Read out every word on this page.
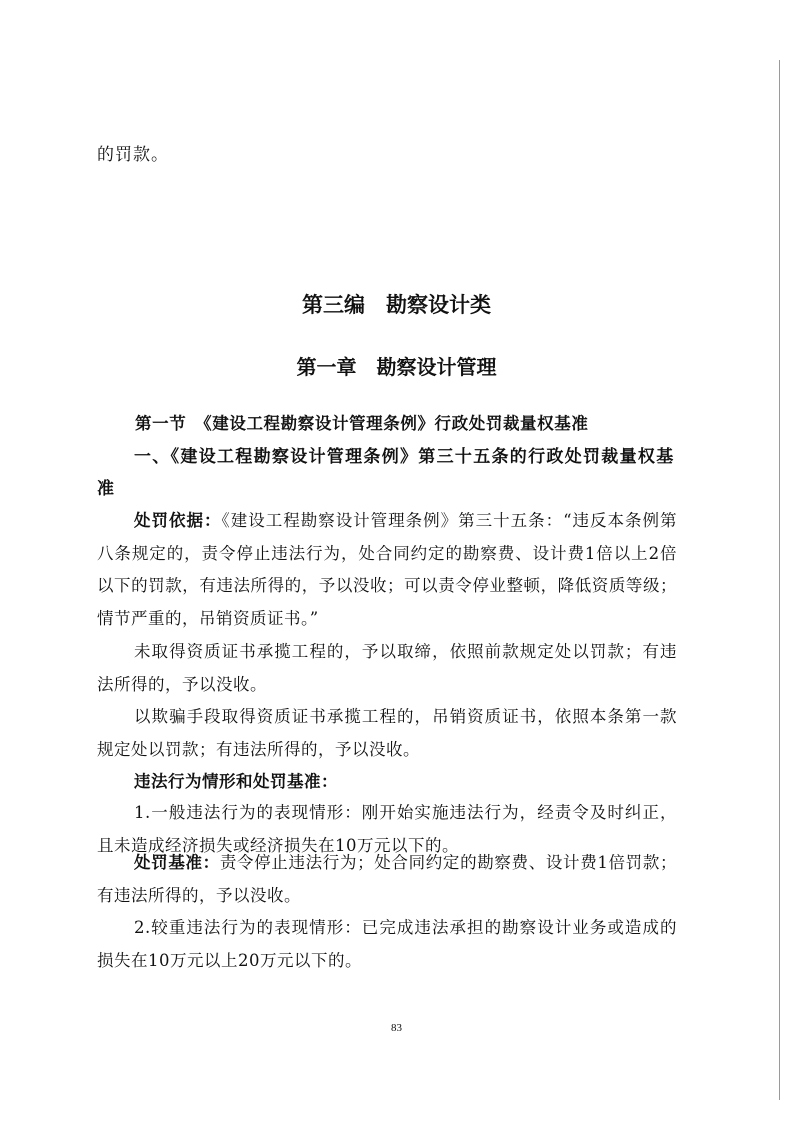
的罚款。
第三编　勘察设计类
第一章　勘察设计管理
第一节　《建设工程勘察设计管理条例》行政处罚裁量权基准
一、《建设工程勘察设计管理条例》第三十五条的行政处罚裁量权基准
处罚依据：《建设工程勘察设计管理条例》第三十五条：“违反本条例第八条规定的，责令停止违法行为，处合同约定的勘察费、设计费1倍以上2倍以下的罚款，有违法所得的，予以没收；可以责令停业整顿，降低资质等级；情节严重的，吊销资质证书。”
未取得资质证书承揽工程的，予以取缔，依照前款规定处以罚款；有违法所得的，予以没收。
以欺骗手段取得资质证书承揽工程的，吊销资质证书，依照本条第一款规定处以罚款；有违法所得的，予以没收。
违法行为情形和处罚基准：
1.一般违法行为的表现情形：刚开始实施违法行为，经责令及时纠正，且未造成经济损失或经济损失在10万元以下的。
处罚基准：责令停止违法行为；处合同约定的勘察费、设计费1倍罚款；有违法所得的，予以没收。
2.较重违法行为的表现情形：已完成违法承担的勘察设计业务或造成的损失在10万元以上20万元以下的。
83
